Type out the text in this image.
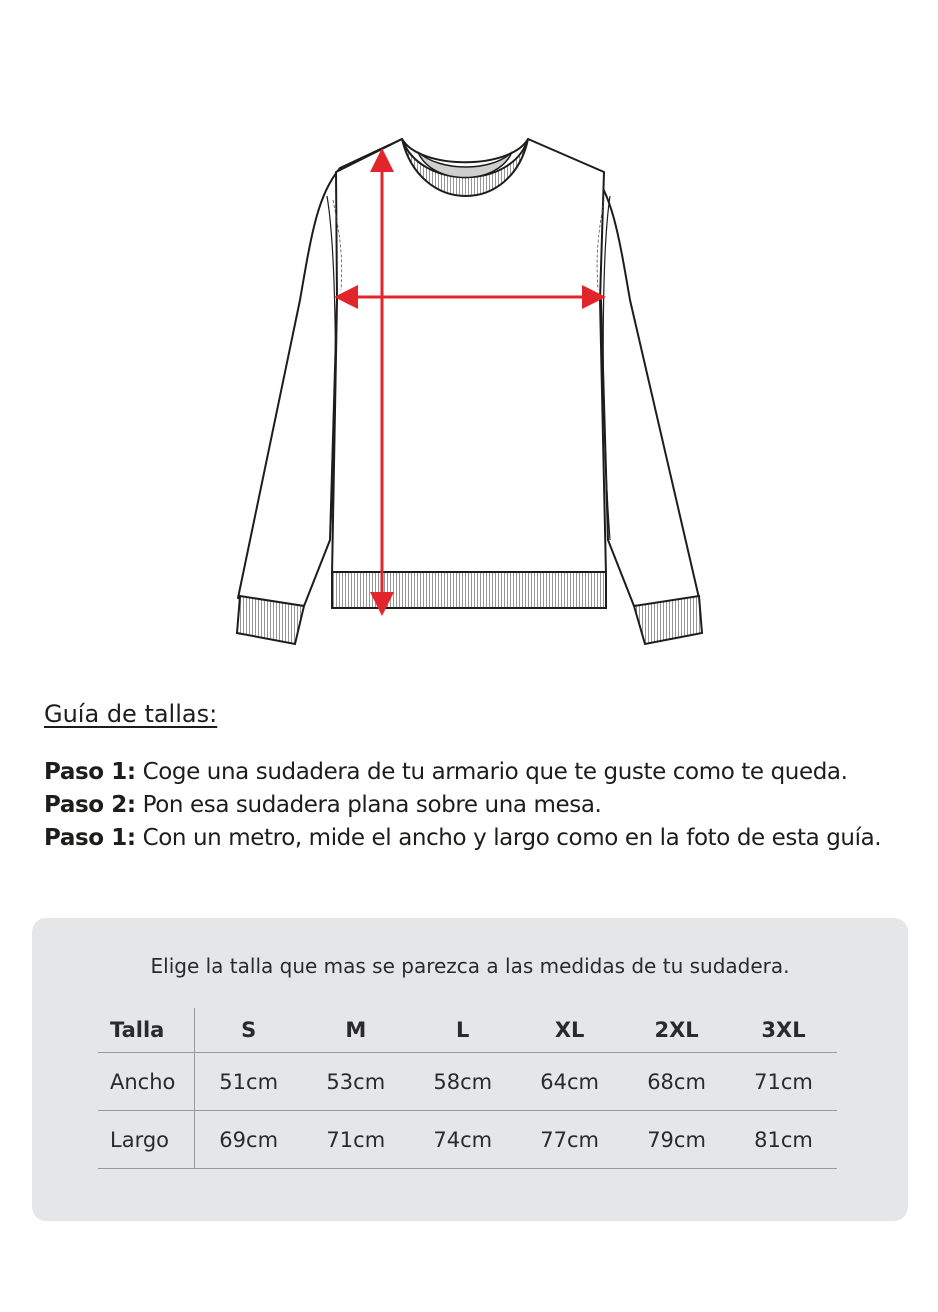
Guía de tallas:
Paso 1: Coge una sudadera de tu armario que te guste como te queda.
Paso 2: Pon esa sudadera plana sobre una mesa.
Paso 1: Con un metro, mide el ancho y largo como en la foto de esta guía.
Elige la talla que mas se parezca a las medidas de tu sudadera.
Talla	S	M	L	XL	2XL	3XL
Ancho	51cm	53cm	58cm	64cm	68cm	71cm
Largo	69cm	71cm	74cm	77cm	79cm	81cm
